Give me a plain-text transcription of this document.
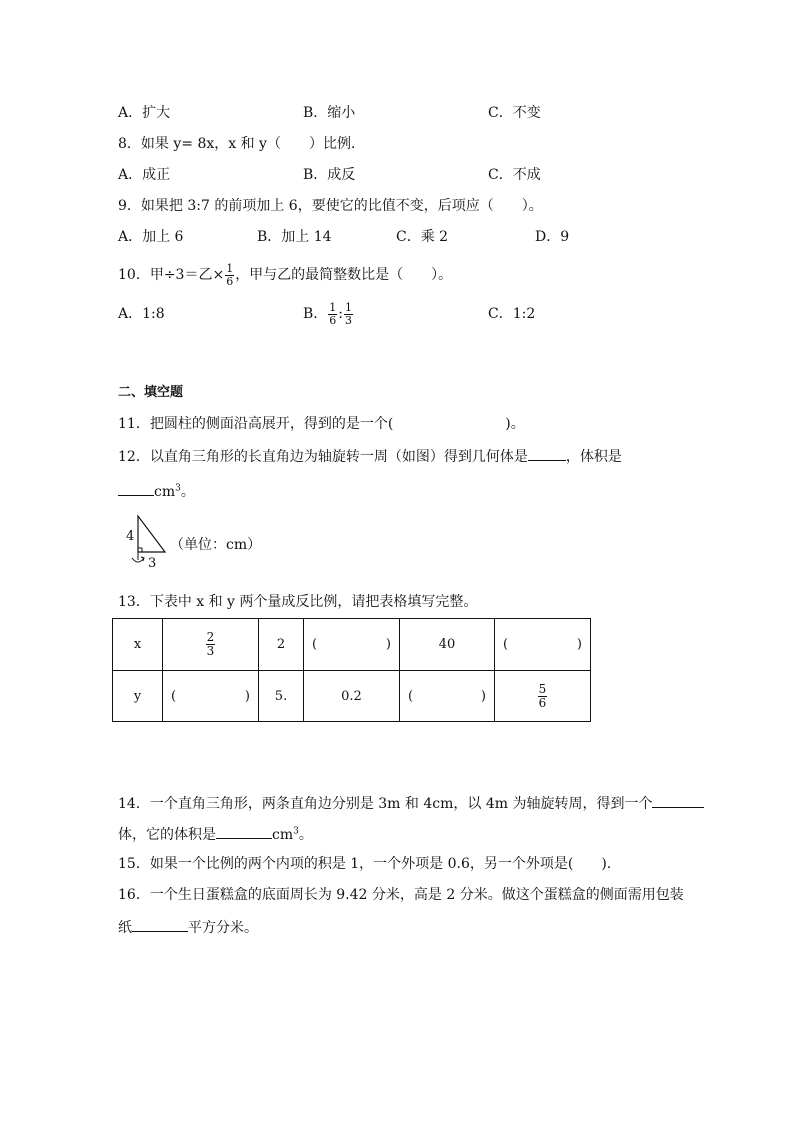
A．扩大	B．缩小	C．不变
8．如果 y= 8x，x 和 y（　　）比例．
A．成正	B．成反	C．不成
9．如果把 3:7 的前项加上 6，要使它的比值不变，后项应（　　）。
A．加上 6	B．加上 14	C．乘 2	D．9
10．甲÷3＝乙× $\frac{1}{6}$ ，甲与乙的最简整数比是（　　）。
A．1:8	B． $\frac{1}{6}$ : $\frac{1}{3}$	C．1:2
二、填空题
11．把圆柱的侧面沿高展开，得到的是一个(　　　　　　　　)。
12．以直角三角形的长直角边为轴旋转一周（如图）得到几何体是	，体积是
$cm^3$。
4
3
（单位：cm）
13．下表中 x 和 y 两个量成反比例，请把表格填写完整。
x	$\frac{2}{3}$	2	( )	40	( )

y	( )	5.	0.2	( )	$\frac{5}{6}$
14．一个直角三角形，两条直角边分别是 3m 和 4cm，以 4m 为轴旋转周，得到一个
体，它的体积是	$cm^3$。
15．如果一个比例的两个内项的积是 1，一个外项是 0.6，另一个外项是(　　).
16．一个生日蛋糕盒的底面周长为 9.42 分米，高是 2 分米。做这个蛋糕盒的侧面需用包装
纸	平方分米。
